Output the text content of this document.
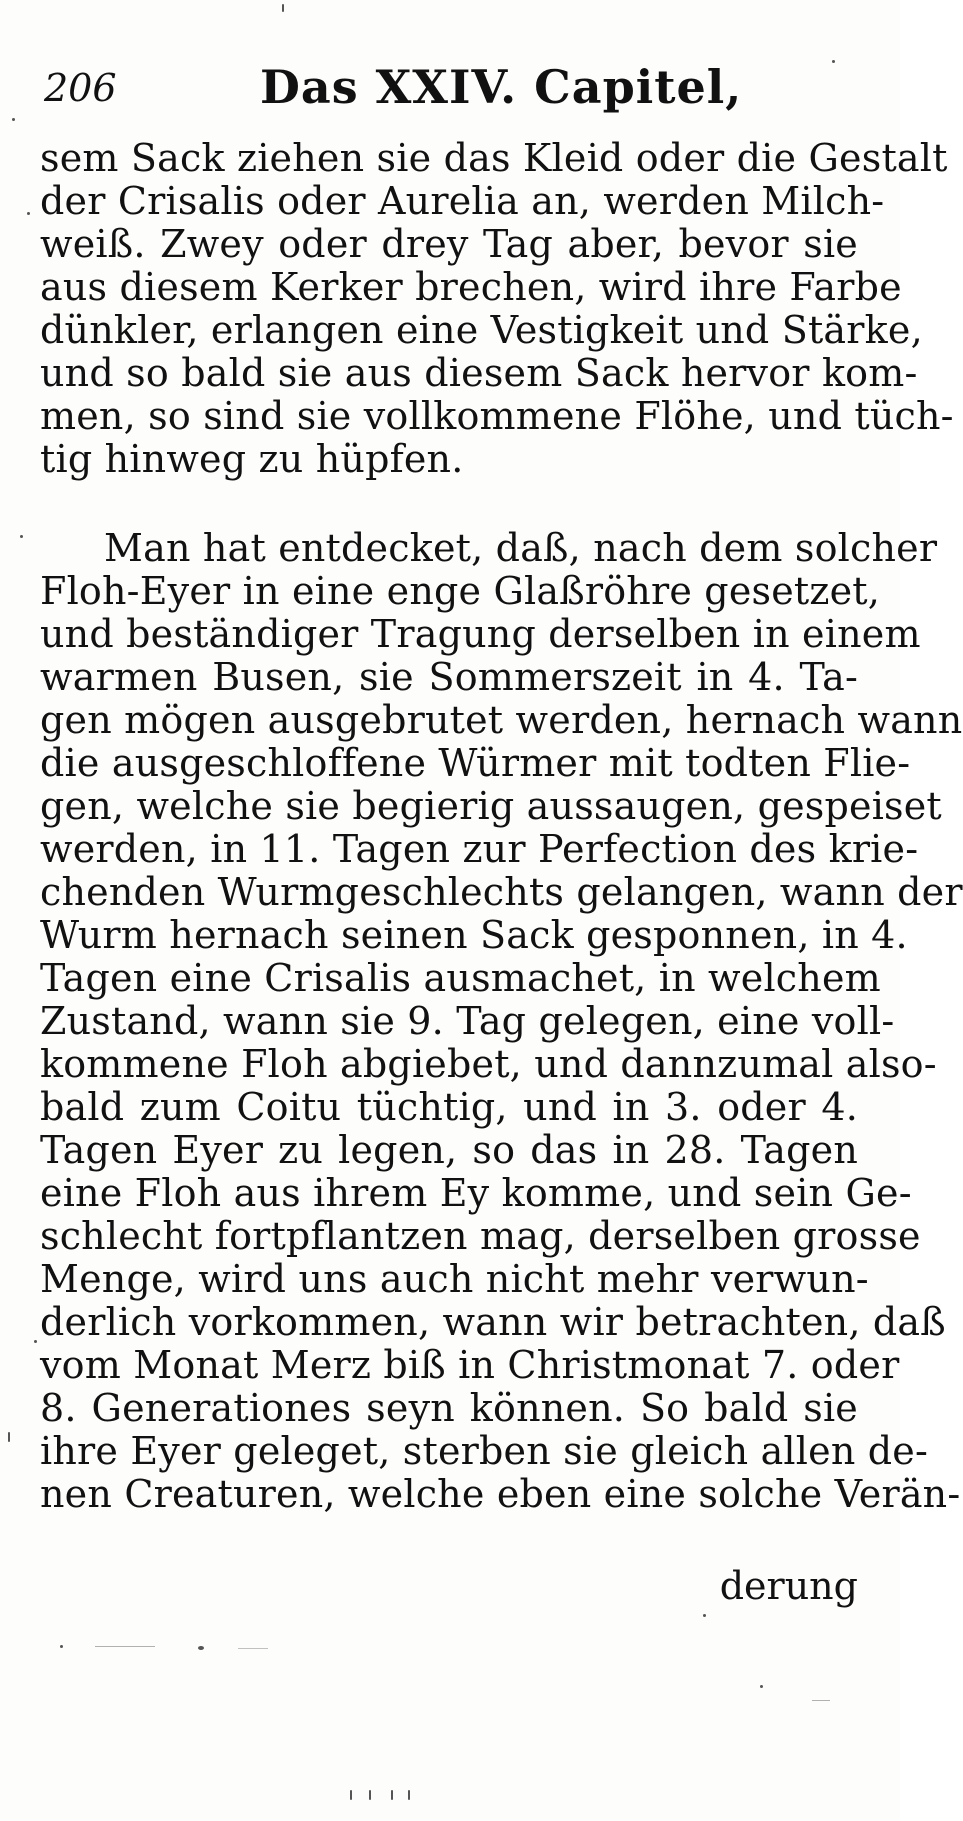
206	Das XXIV. Capitel,
sem Sack ziehen sie das Kleid oder die Gestalt
der Crisalis oder Aurelia an, werden Milch-
weiß. Zwey oder drey Tag aber, bevor sie
aus diesem Kerker brechen, wird ihre Farbe
dünkler, erlangen eine Vestigkeit und Stärke,
und so bald sie aus diesem Sack hervor kom-
men, so sind sie vollkommene Flöhe, und tüch-
tig hinweg zu hüpfen.
Man hat entdecket, daß, nach dem solcher
Floh-Eyer in eine enge Glaßröhre gesetzet,
und beständiger Tragung derselben in einem
warmen Busen, sie Sommerszeit in 4. Ta-
gen mögen ausgebrutet werden, hernach wann
die ausgeschloffene Würmer mit todten Flie-
gen, welche sie begierig aussaugen, gespeiset
werden, in 11. Tagen zur Perfection des krie-
chenden Wurmgeschlechts gelangen, wann der
Wurm hernach seinen Sack gesponnen, in 4.
Tagen eine Crisalis ausmachet, in welchem
Zustand, wann sie 9. Tag gelegen, eine voll-
kommene Floh abgiebet, und dannzumal also-
bald zum Coitu tüchtig, und in 3. oder 4.
Tagen Eyer zu legen, so das in 28. Tagen
eine Floh aus ihrem Ey komme, und sein Ge-
schlecht fortpflantzen mag, derselben grosse
Menge, wird uns auch nicht mehr verwun-
derlich vorkommen, wann wir betrachten, daß
vom Monat Merz biß in Christmonat 7. oder
8. Generationes seyn können. So bald sie
ihre Eyer geleget, sterben sie gleich allen de-
nen Creaturen, welche eben eine solche Verän-
derung
